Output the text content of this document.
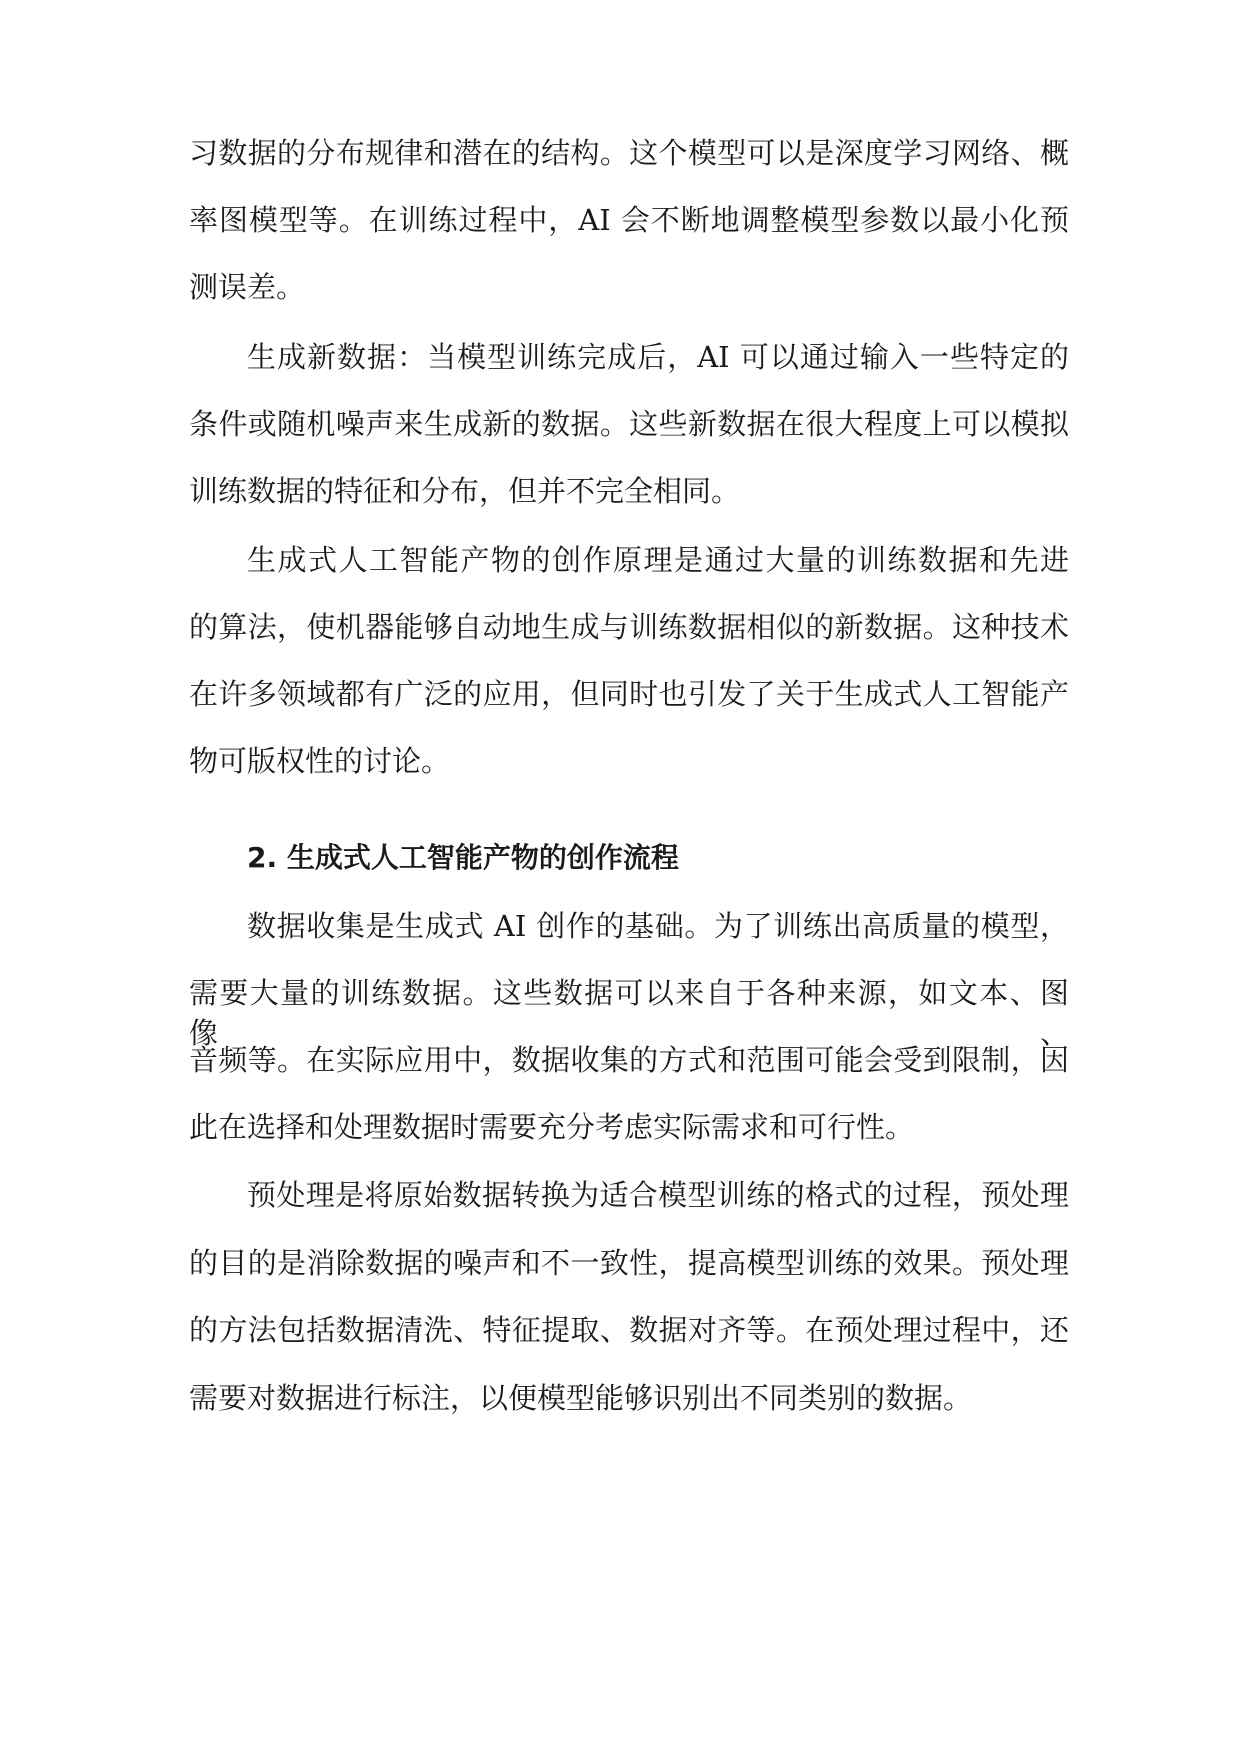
习数据的分布规律和潜在的结构。这个模型可以是深度学习网络、概
率图模型等。在训练过程中，AI 会不断地调整模型参数以最小化预
测误差。
生成新数据：当模型训练完成后，AI 可以通过输入一些特定的
条件或随机噪声来生成新的数据。这些新数据在很大程度上可以模拟
训练数据的特征和分布，但并不完全相同。
生成式人工智能产物的创作原理是通过大量的训练数据和先进
的算法，使机器能够自动地生成与训练数据相似的新数据。这种技术
在许多领域都有广泛的应用，但同时也引发了关于生成式人工智能产
物可版权性的讨论。
2. 生成式人工智能产物的创作流程
数据收集是生成式 AI 创作的基础。为了训练出高质量的模型，
需要大量的训练数据。这些数据可以来自于各种来源，如文本、图像、
音频等。在实际应用中，数据收集的方式和范围可能会受到限制，因
此在选择和处理数据时需要充分考虑实际需求和可行性。
预处理是将原始数据转换为适合模型训练的格式的过程，预处理
的目的是消除数据的噪声和不一致性，提高模型训练的效果。预处理
的方法包括数据清洗、特征提取、数据对齐等。在预处理过程中，还
需要对数据进行标注，以便模型能够识别出不同类别的数据。
